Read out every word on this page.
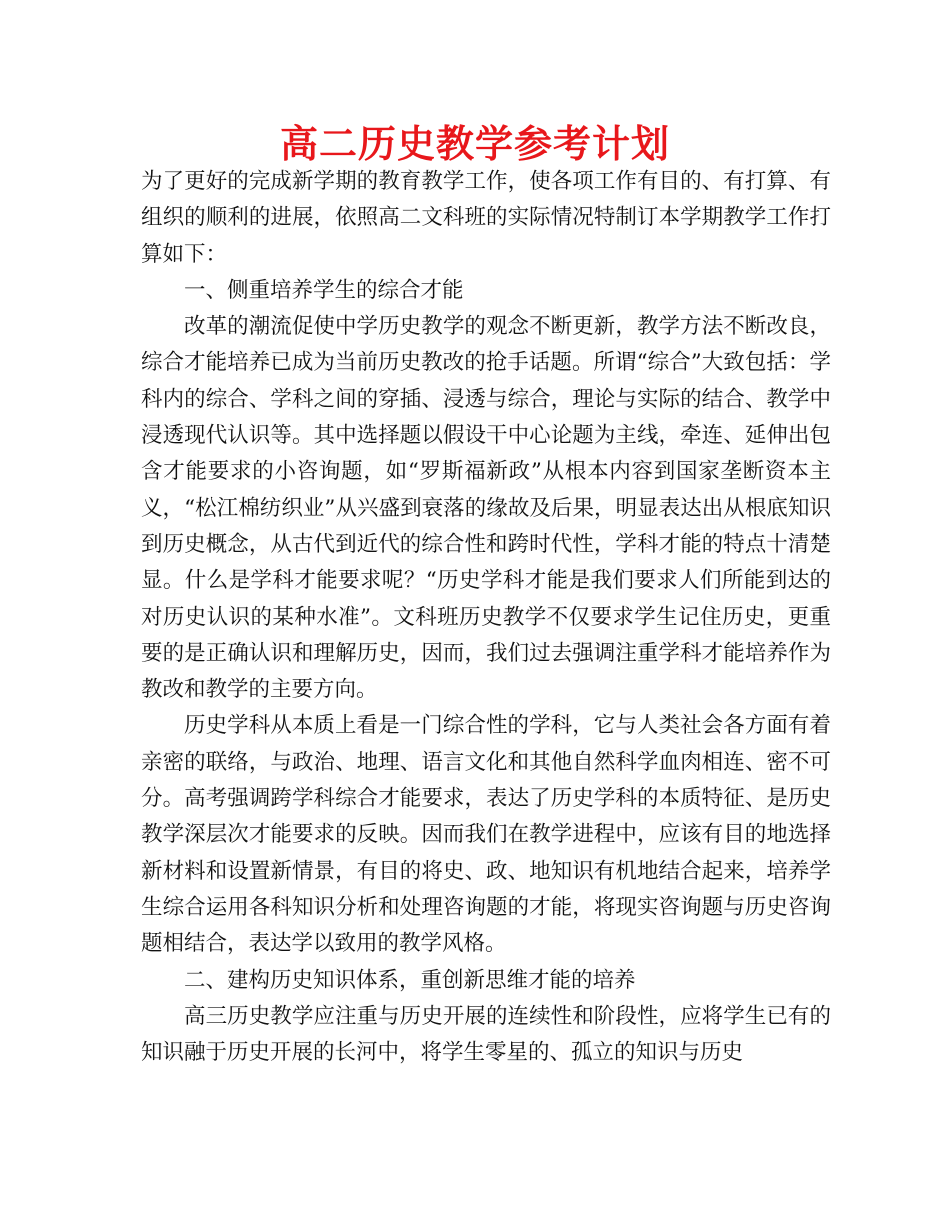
高二历史教学参考计划

为了更好的完成新学期的教育教学工作，使各项工作有目的、有打算、有组织的顺利的进展，依照高二文科班的实际情况特制订本学期教学工作打算如下：

一、侧重培养学生的综合才能

改革的潮流促使中学历史教学的观念不断更新，教学方法不断改良，综合才能培养已成为当前历史教改的抢手话题。所谓“综合”大致包括：学科内的综合、学科之间的穿插、浸透与综合，理论与实际的结合、教学中浸透现代认识等。其中选择题以假设干中心论题为主线，牵连、延伸出包含才能要求的小咨询题，如“罗斯福新政”从根本内容到国家垄断资本主义，“松江棉纺织业”从兴盛到衰落的缘故及后果，明显表达出从根底知识到历史概念，从古代到近代的综合性和跨时代性，学科才能的特点十清楚显。什么是学科才能要求呢？“历史学科才能是我们要求人们所能到达的对历史认识的某种水准”。文科班历史教学不仅要求学生记住历史，更重要的是正确认识和理解历史，因而，我们过去强调注重学科才能培养作为教改和教学的主要方向。

历史学科从本质上看是一门综合性的学科，它与人类社会各方面有着亲密的联络，与政治、地理、语言文化和其他自然科学血肉相连、密不可分。高考强调跨学科综合才能要求，表达了历史学科的本质特征、是历史教学深层次才能要求的反映。因而我们在教学进程中，应该有目的地选择新材料和设置新情景，有目的将史、政、地知识有机地结合起来，培养学生综合运用各科知识分析和处理咨询题的才能，将现实咨询题与历史咨询题相结合，表达学以致用的教学风格。

二、建构历史知识体系，重创新思维才能的培养

高三历史教学应注重与历史开展的连续性和阶段性，应将学生已有的知识融于历史开展的长河中，将学生零星的、孤立的知识与历史
